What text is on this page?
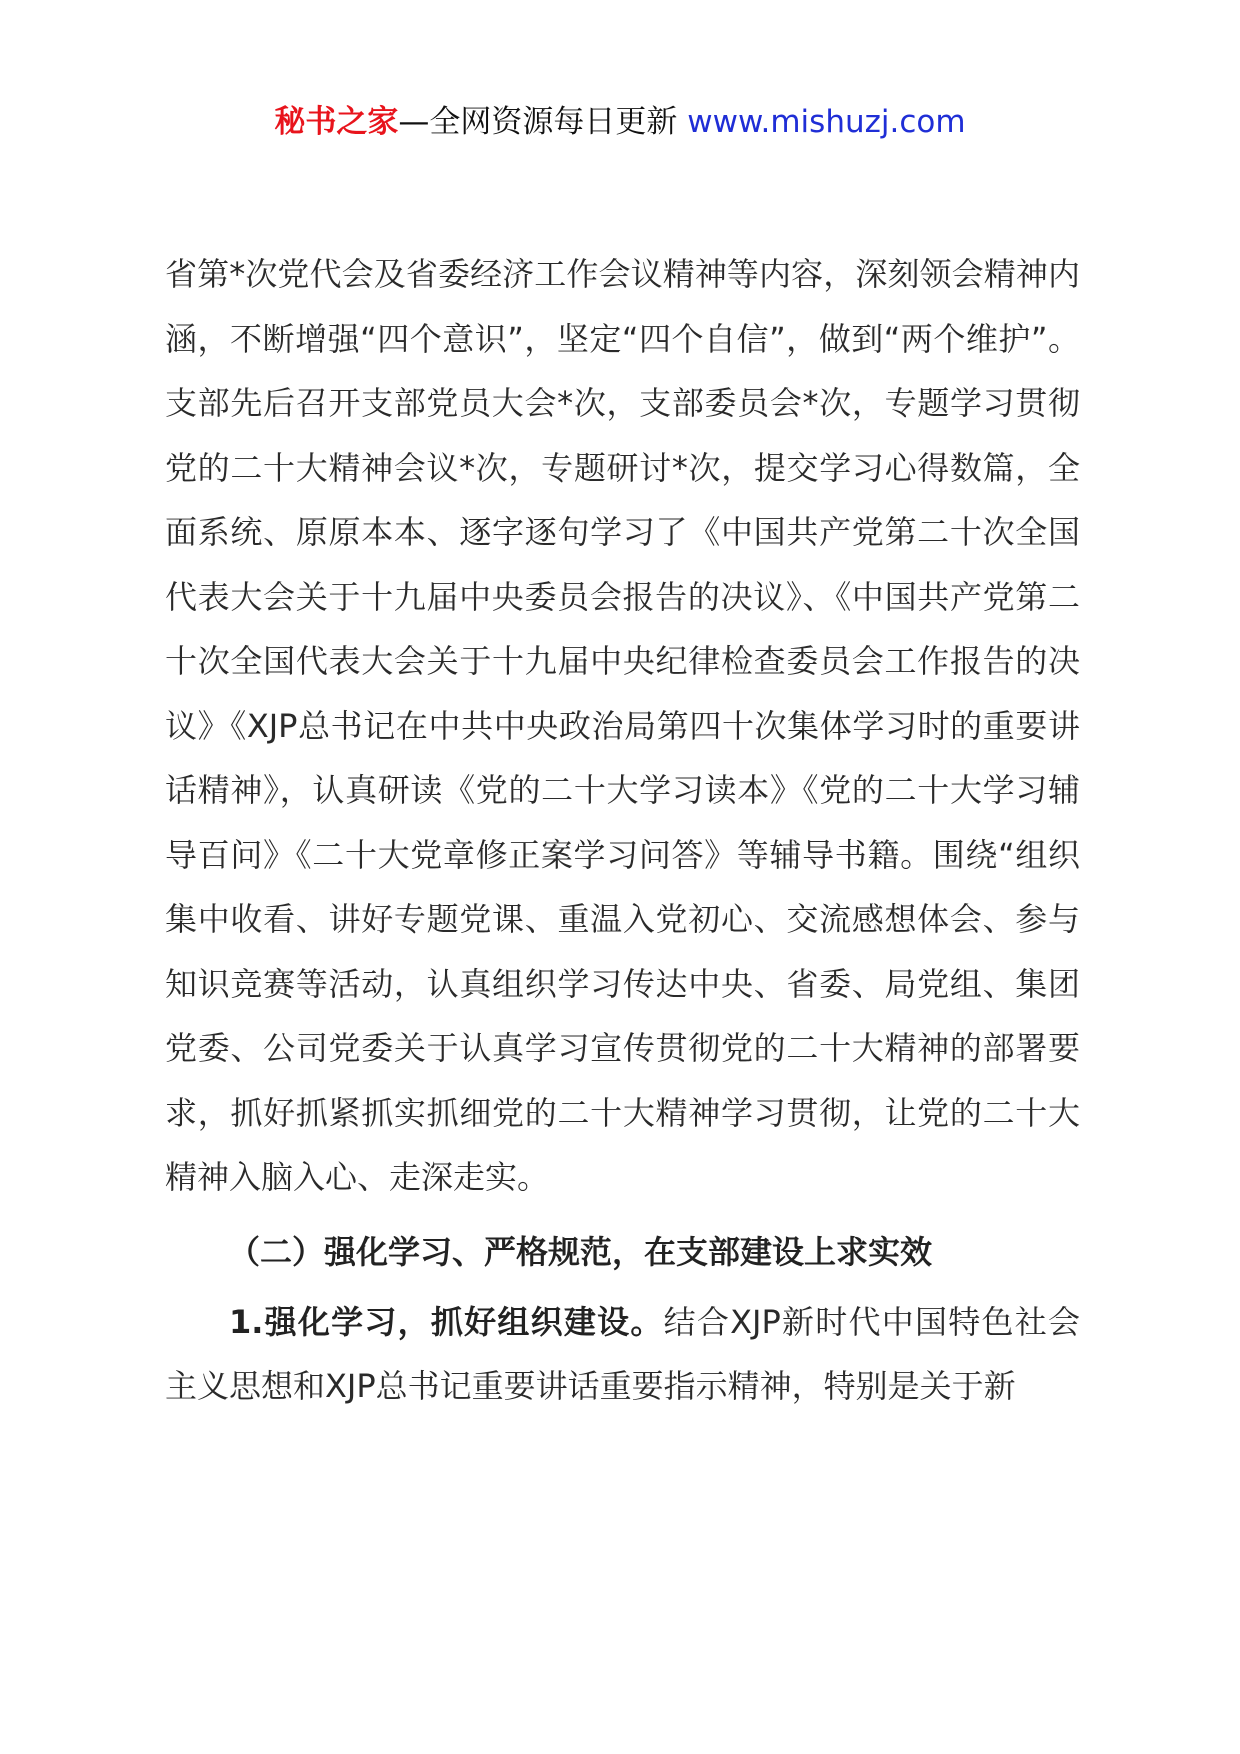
秘书之家—全网资源每日更新 www.mishuzj.com

省第*次党代会及省委经济工作会议精神等内容，深刻领会精神内涵，不断增强“四个意识”，坚定“四个自信”，做到“两个维护”。支部先后召开支部党员大会*次，支部委员会*次，专题学习贯彻党的二十大精神会议*次，专题研讨*次，提交学习心得数篇，全面系统、原原本本、逐字逐句学习了《中国共产党第二十次全国代表大会关于十九届中央委员会报告的决议》、《中国共产党第二十次全国代表大会关于十九届中央纪律检查委员会工作报告的决议》《XJP总书记在中共中央政治局第四十次集体学习时的重要讲话精神》，认真研读《党的二十大学习读本》《党的二十大学习辅导百问》《二十大党章修正案学习问答》等辅导书籍。围绕“组织集中收看、讲好专题党课、重温入党初心、交流感想体会、参与知识竞赛等活动，认真组织学习传达中央、省委、局党组、集团党委、公司党委关于认真学习宣传贯彻党的二十大精神的部署要求，抓好抓紧抓实抓细党的二十大精神学习贯彻，让党的二十大精神入脑入心、走深走实。

（二）强化学习、严格规范，在支部建设上求实效

1.强化学习，抓好组织建设。结合XJP新时代中国特色社会主义思想和XJP总书记重要讲话重要指示精神，特别是关于新
